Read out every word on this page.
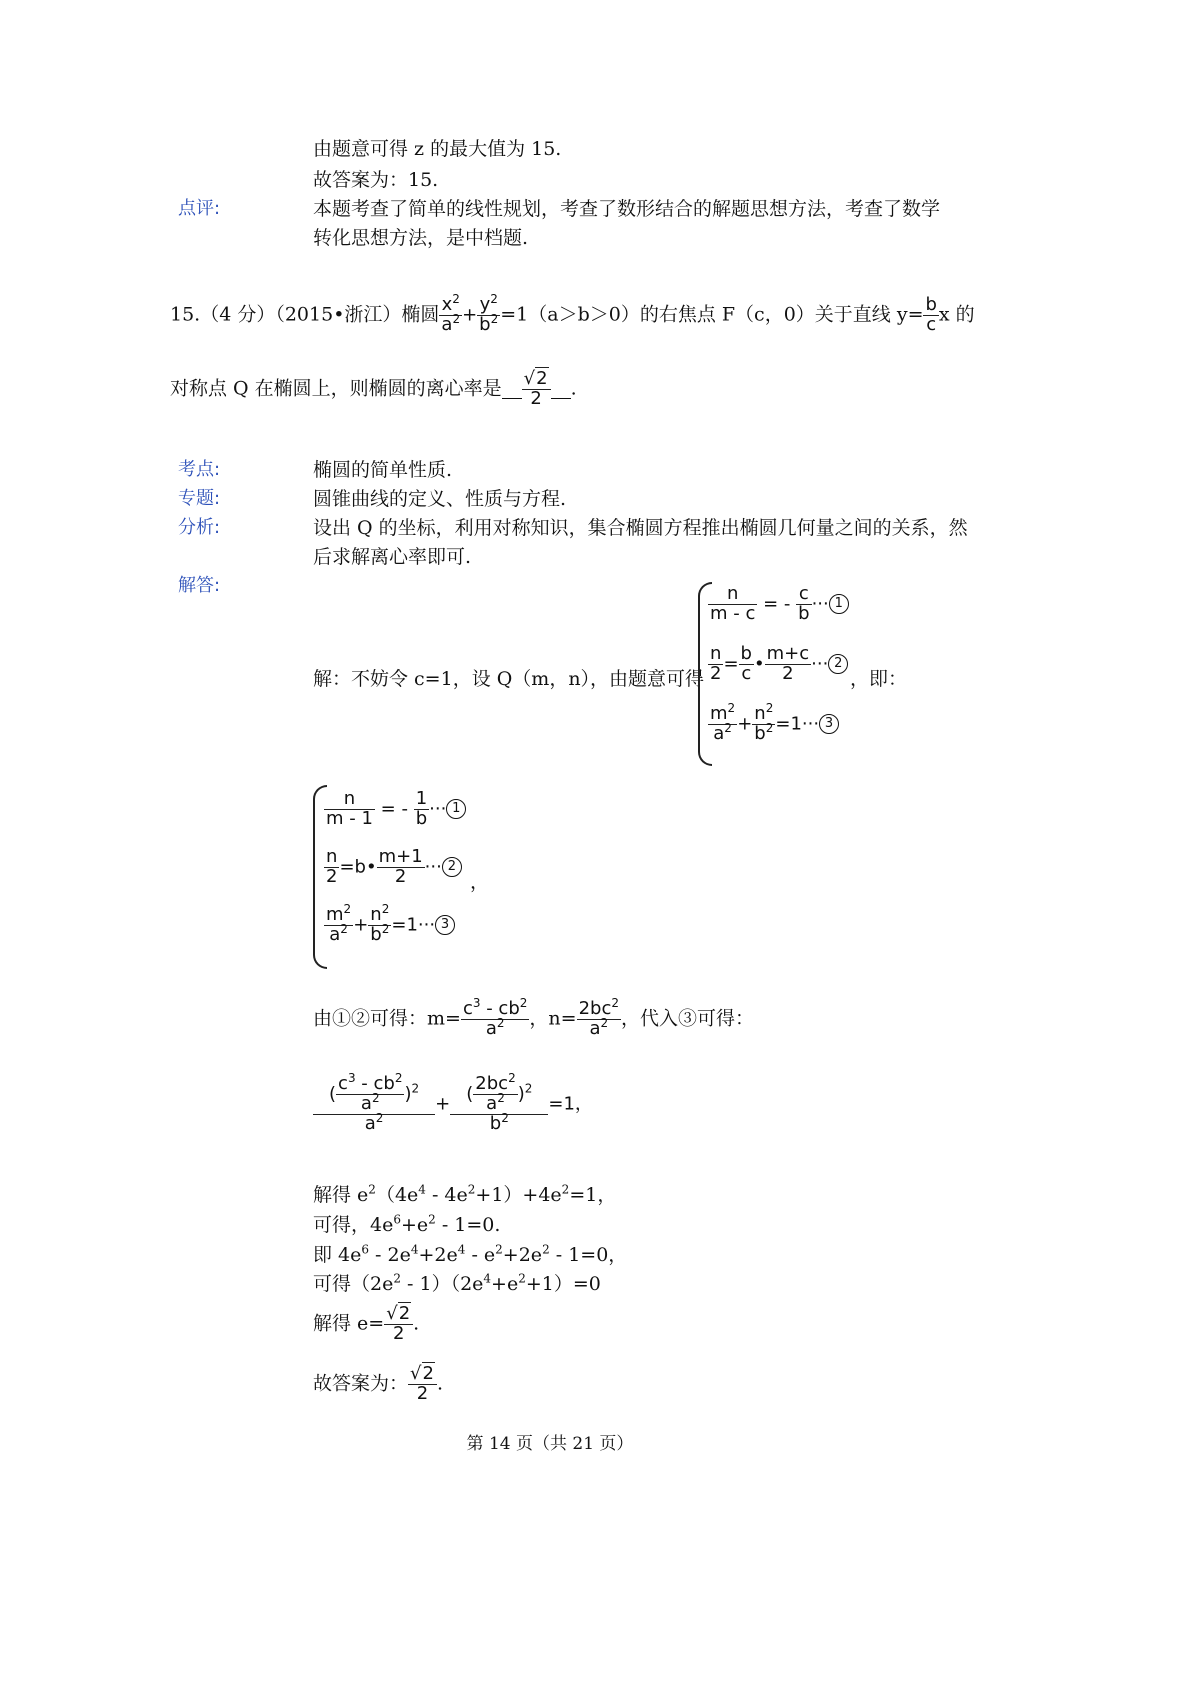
由题意可得 z 的最大值为 15.
故答案为：15.
点评:	本题考查了简单的线性规划，考查了数形结合的解题思想方法，考查了数学
转化思想方法，是中档题.
15.（4 分）（2015•浙江）椭圆 $\frac{x^2}{a^2} + \frac{y^2}{b^2} =1(a>b>0)$的右焦点 F（c，0）关于直线 $y= \frac{b}{c}$ x 的
对称点 Q 在椭圆上，则椭圆的离心率是 $\frac{√2}{2}$ .
考点:	椭圆的简单性质.
专题:	圆锥曲线的定义、性质与方程.
分析:	设出 Q 的坐标，利用对称知识，集合椭圆方程推出椭圆几何量之间的关系，然
后求解离心率即可.
解答:
解：不妨令 c=1，设 Q（m，n），由题意可得
$\frac{n}{m - c}$ = - $\frac{c}{b}$ ··· 1
$\frac{n}{2} = \frac{b}{c}$ • $\frac{m+c}{2}$ ··· 2
$\frac{m^2}{a^2} + \frac{n^2}{b^2} =1\cdot\cdot\cdot 3$
，即：
$\frac{n}{m - 1}$ = - $\frac{1}{b}$ ··· 1
$\frac{n}{2}$ =b• $\frac{m+1}{2}$ ··· 2
$\frac{m^2}{a^2} + \frac{n^2}{b^2} =1\cdot\cdot\cdot 3$
，
由①②可得：$m= \frac{c^3 - cb^2}{a^2}$ ，$n= \frac{2bc^2}{a^2}$ ，代入③可得：
$\frac{( \frac{c^3 - cb^2}{a^2} )^2}{a^2} + \frac{( \frac{2bc^2}{a^2} )^2}{b^2} =1$，
解得 $e^2(4e^4 - 4e^2+1)+4e^2=1$，
可得，$4e^6+e^2 - 1=0$.
即 $4e^6 - 2e^4+2e^4 - e^2+2e^2 - 1=0$，
可得$(2e^2 - 1)(2e^4+e^2+1)=0$
解得 $e= \frac{√2}{2}$ .
故答案为： $\frac{√2}{2}$ .
第 14 页（共 21 页）
